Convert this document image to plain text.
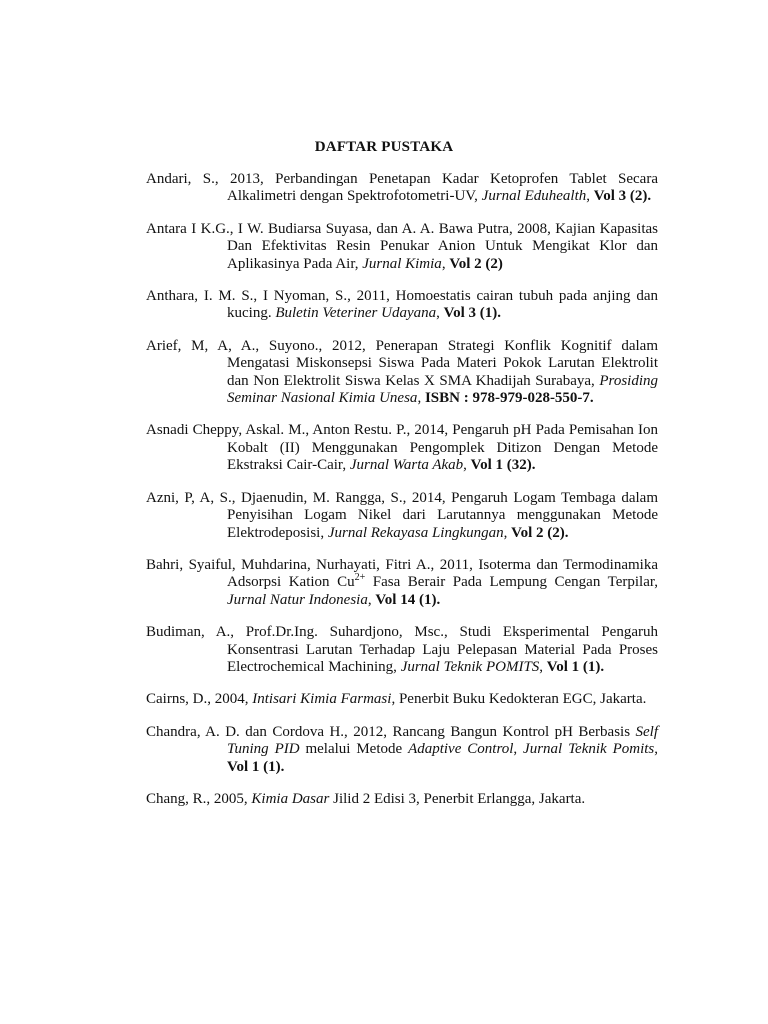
DAFTAR PUSTAKA

Andari, S., 2013, Perbandingan Penetapan Kadar Ketoprofen Tablet Secara Alkalimetri dengan Spektrofotometri-UV, Jurnal Eduhealth, Vol 3 (2).

Antara I K.G., I W. Budiarsa Suyasa, dan A. A. Bawa Putra, 2008, Kajian Kapasitas Dan Efektivitas Resin Penukar Anion Untuk Mengikat Klor dan Aplikasinya Pada Air, Jurnal Kimia, Vol 2 (2)

Anthara, I. M. S., I Nyoman, S., 2011, Homoestatis cairan tubuh pada anjing dan kucing. Buletin Veteriner Udayana, Vol 3 (1).

Arief, M, A, A., Suyono., 2012, Penerapan Strategi Konflik Kognitif dalam Mengatasi Miskonsepsi Siswa Pada Materi Pokok Larutan Elektrolit dan Non Elektrolit Siswa Kelas X SMA Khadijah Surabaya, Prosiding Seminar Nasional Kimia Unesa, ISBN : 978-979-028-550-7.

Asnadi Cheppy, Askal. M., Anton Restu. P., 2014, Pengaruh pH Pada Pemisahan Ion Kobalt (II) Menggunakan Pengomplek Ditizon Dengan Metode Ekstraksi Cair-Cair, Jurnal Warta Akab, Vol 1 (32).

Azni, P, A, S., Djaenudin, M. Rangga, S., 2014, Pengaruh Logam Tembaga dalam Penyisihan Logam Nikel dari Larutannya menggunakan Metode Elektrodeposisi, Jurnal Rekayasa Lingkungan, Vol 2 (2).

Bahri, Syaiful, Muhdarina, Nurhayati, Fitri A., 2011, Isoterma dan Termodinamika Adsorpsi Kation $Cu^{2+}$ Fasa Berair Pada Lempung Cengan Terpilar, Jurnal Natur Indonesia, Vol 14 (1).

Budiman, A., Prof.Dr.Ing. Suhardjono, Msc., Studi Eksperimental Pengaruh Konsentrasi Larutan Terhadap Laju Pelepasan Material Pada Proses Electrochemical Machining, Jurnal Teknik POMITS, Vol 1 (1).

Cairns, D., 2004, Intisari Kimia Farmasi, Penerbit Buku Kedokteran EGC, Jakarta.

Chandra, A. D. dan Cordova H., 2012, Rancang Bangun Kontrol pH Berbasis Self Tuning PID melalui Metode Adaptive Control, Jurnal Teknik Pomits, Vol 1 (1).

Chang, R., 2005, Kimia Dasar Jilid 2 Edisi 3, Penerbit Erlangga, Jakarta.
